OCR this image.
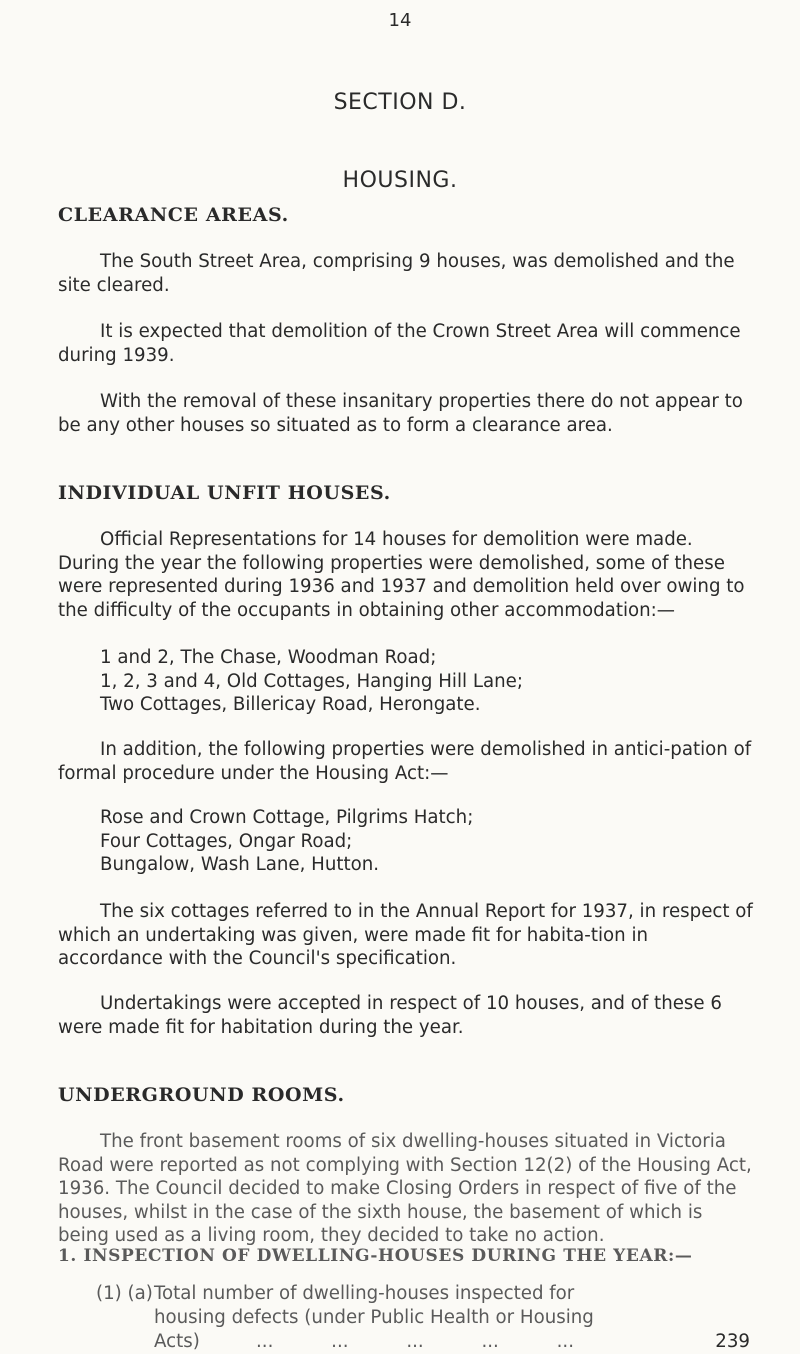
14
SECTION D.
HOUSING.
CLEARANCE AREAS.

The South Street Area, comprising 9 houses, was demolished and the site cleared.

It is expected that demolition of the Crown Street Area will commence during 1939.

With the removal of these insanitary properties there do not appear to be any other houses so situated as to form a clearance area.

INDIVIDUAL UNFIT HOUSES.

Official Representations for 14 houses for demolition were made. During the year the following properties were demolished, some of these were represented during 1936 and 1937 and demolition held over owing to the difficulty of the occupants in obtaining other accommodation:—

1 and 2, The Chase, Woodman Road;
1, 2, 3 and 4, Old Cottages, Hanging Hill Lane;
Two Cottages, Billericay Road, Herongate.

In addition, the following properties were demolished in antici-pation of formal procedure under the Housing Act:—

Rose and Crown Cottage, Pilgrims Hatch;
Four Cottages, Ongar Road;
Bungalow, Wash Lane, Hutton.

The six cottages referred to in the Annual Report for 1937, in respect of which an undertaking was given, were made fit for habita-tion in accordance with the Council's specification.

Undertakings were accepted in respect of 10 houses, and of these 6 were made fit for habitation during the year.

UNDERGROUND ROOMS.

The front basement rooms of six dwelling-houses situated in Victoria Road were reported as not complying with Section 12(2) of the Housing Act, 1936. The Council decided to make Closing Orders in respect of five of the houses, whilst in the case of the sixth house, the basement of which is being used as a living room, they decided to take no action.

1. INSPECTION OF DWELLING-HOUSES DURING THE YEAR:—
(1) (a) Total number of dwelling-houses inspected for
housing defects (under Public Health or Housing
Acts)	...          ...          ...          ...          ...	239
